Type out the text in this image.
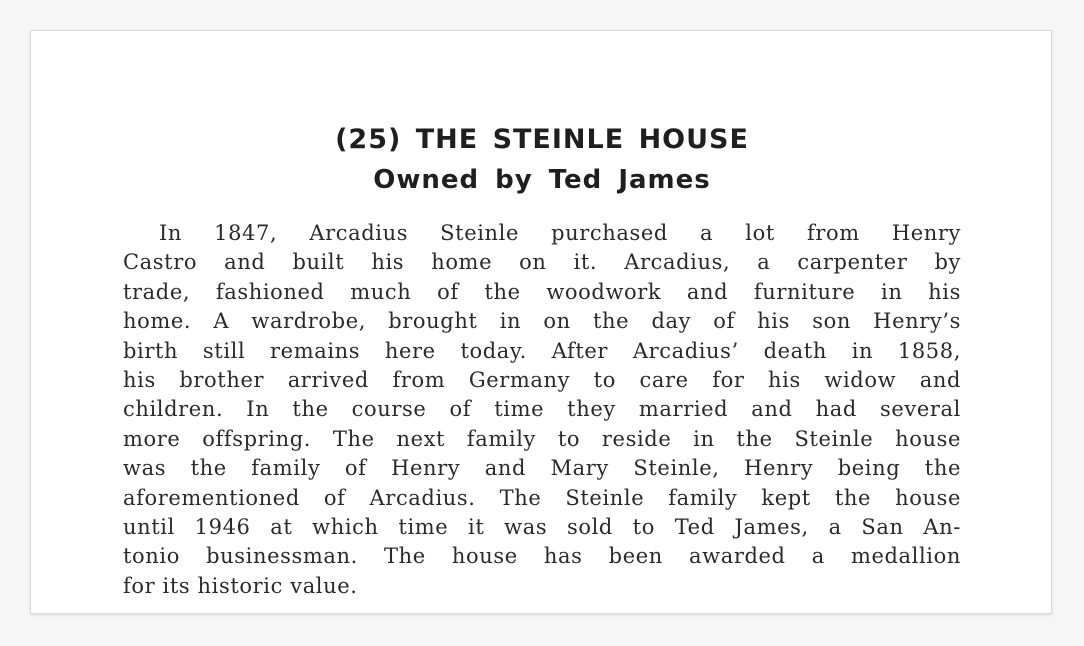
(25) THE STEINLE HOUSE
Owned by Ted James
In 1847, Arcadius Steinle purchased a lot from Henry
Castro and built his home on it. Arcadius, a carpenter by
trade, fashioned much of the woodwork and furniture in his
home. A wardrobe, brought in on the day of his son Henry’s
birth still remains here today. After Arcadius’ death in 1858,
his brother arrived from Germany to care for his widow and
children. In the course of time they married and had several
more offspring. The next family to reside in the Steinle house
was the family of Henry and Mary Steinle, Henry being the
aforementioned of Arcadius. The Steinle family kept the house
until 1946 at which time it was sold to Ted James, a San An-
tonio businessman. The house has been awarded a medallion
for its historic value.
